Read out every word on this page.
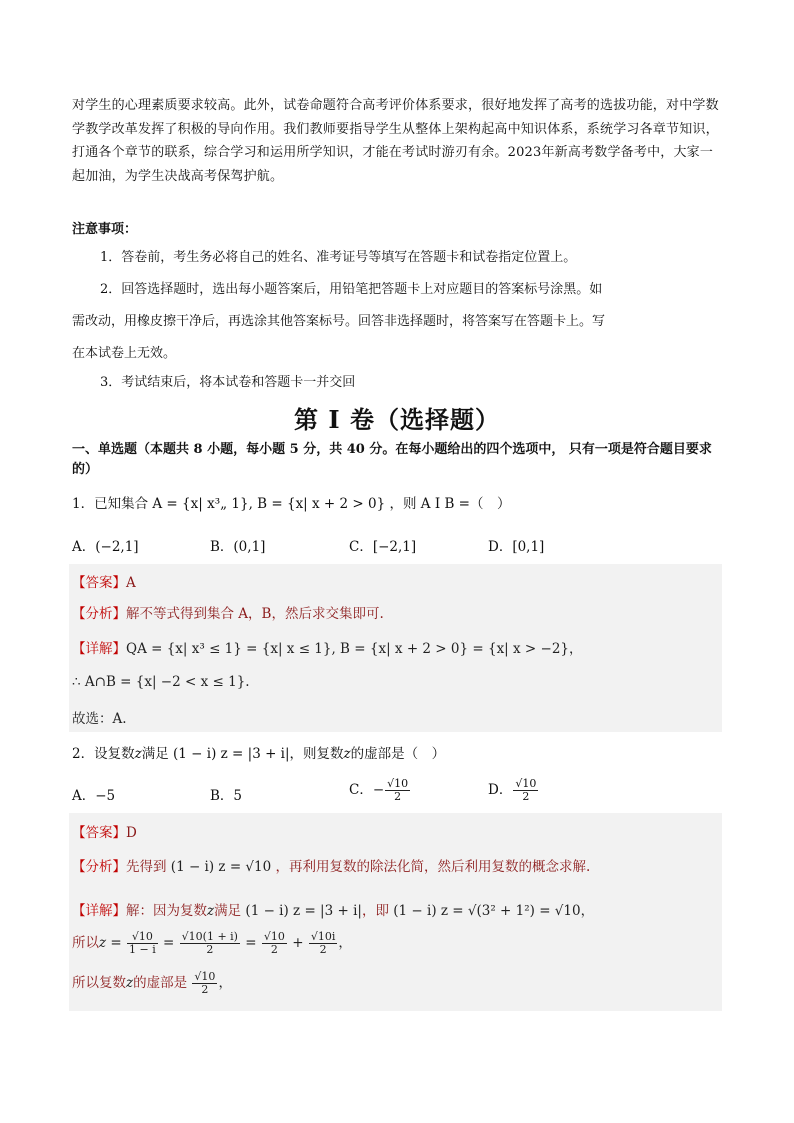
对学生的心理素质要求较高。此外，试卷命题符合高考评价体系要求，很好地发挥了高考的选拔功能，对中学数学教学改革发挥了积极的导向作用。我们教师要指导学生从整体上架构起高中知识体系，系统学习各章节知识，打通各个章节的联系，综合学习和运用所学知识，才能在考试时游刃有余。2023年新高考数学备考中，大家一起加油，为学生决战高考保驾护航。
注意事项：
1．答卷前，考生务必将自己的姓名、准考证号等填写在答题卡和试卷指定位置上。
2．回答选择题时，选出每小题答案后，用铅笔把答题卡上对应题目的答案标号涂黑。如
需改动，用橡皮擦干净后，再选涂其他答案标号。回答非选择题时，将答案写在答题卡上。写
在本试卷上无效。
3．考试结束后，将本试卷和答题卡一并交回
第 I 卷（选择题）
一、单选题（本题共 8 小题，每小题 5 分，共 40 分。在每小题给出的四个选项中， 只有一项是符合题目要求的）
1．已知集合 A = {x| x³„ 1}, B = {x| x + 2 > 0} ，则 A I B =（　）
A．(−2,1]	B．(0,1]	C．[−2,1]	D．[0,1]
【答案】A
【分析】解不等式得到集合 A，B，然后求交集即可.
【详解】QA = {x| x³ ≤ 1} = {x| x ≤ 1}, B = {x| x + 2 > 0} = {x| x > −2}，
∴ A∩B = {x| −2 < x ≤ 1}.
故选：A.
2．设复数z满足 (1 − i) z = |3 + i|，则复数z的虚部是（　）
A．−5	B．5	C．− $\frac{√10}{2}$	D． $\frac{√10}{2}$
【答案】D
【分析】先得到 (1 − i) z = √10 ，再利用复数的除法化简，然后利用复数的概念求解.
【详解】解：因为复数z满足 (1 − i) z = |3 + i|，即 (1 − i) z = √(3² + 1²) = √10，
所以$z = \frac{√10}{1 - i} = \frac{√10(1 + i)}{2} = \frac{√10}{2} + \frac{√10i}{2}$ ，
所以复数z的虚部是 $\frac{√10}{2}$ ，
